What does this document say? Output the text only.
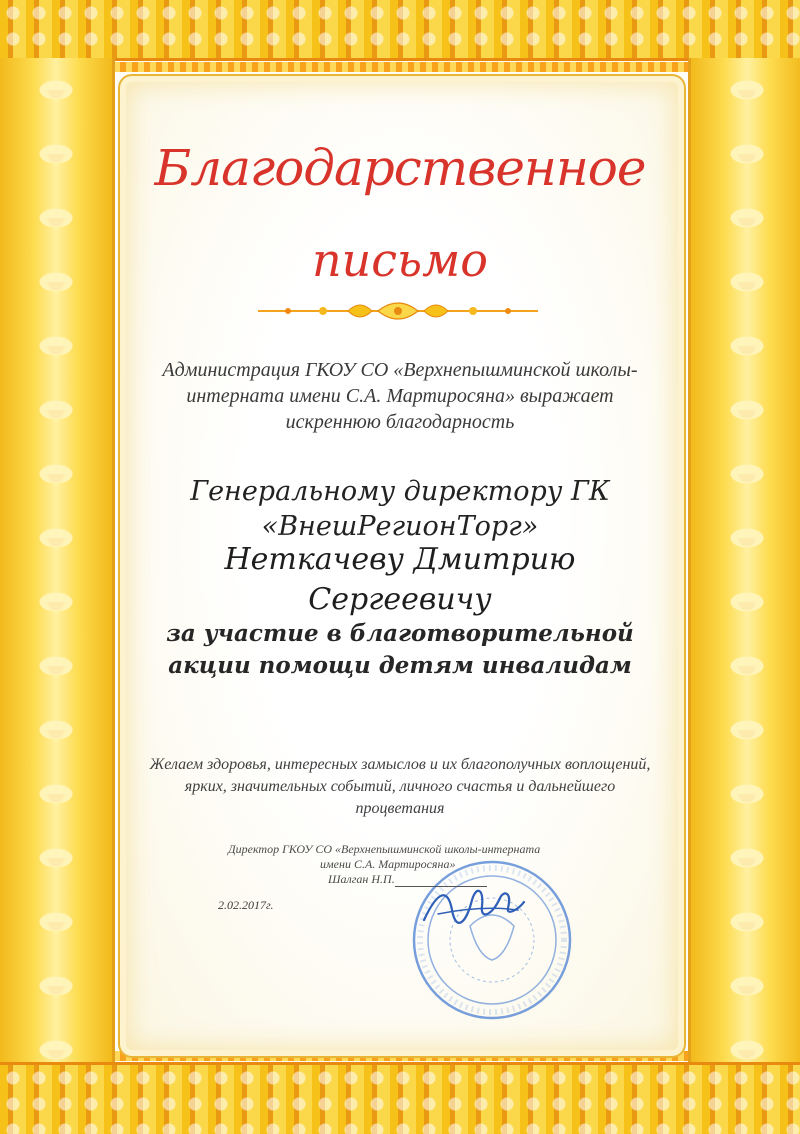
Благодарственное
письмо
Администрация ГКОУ СО «Верхнепышминской школы-интерната имени С.А. Мартиросяна» выражает искреннюю благодарность
Генеральному директору ГК «ВнешРегионТорг»
Неткачеву Дмитрию Сергеевичу
за участие в благотворительной акции помощи детям инвалидам
Желаем здоровья, интересных замыслов и их благополучных воплощений, ярких, значительных событий, личного счастья и дальнейшего процветания
Директор ГКОУ СО «Верхнепышминской школы-интерната
имени С.А. Мартиросяна»
Шалган Н.П.
2.02.2017г.
